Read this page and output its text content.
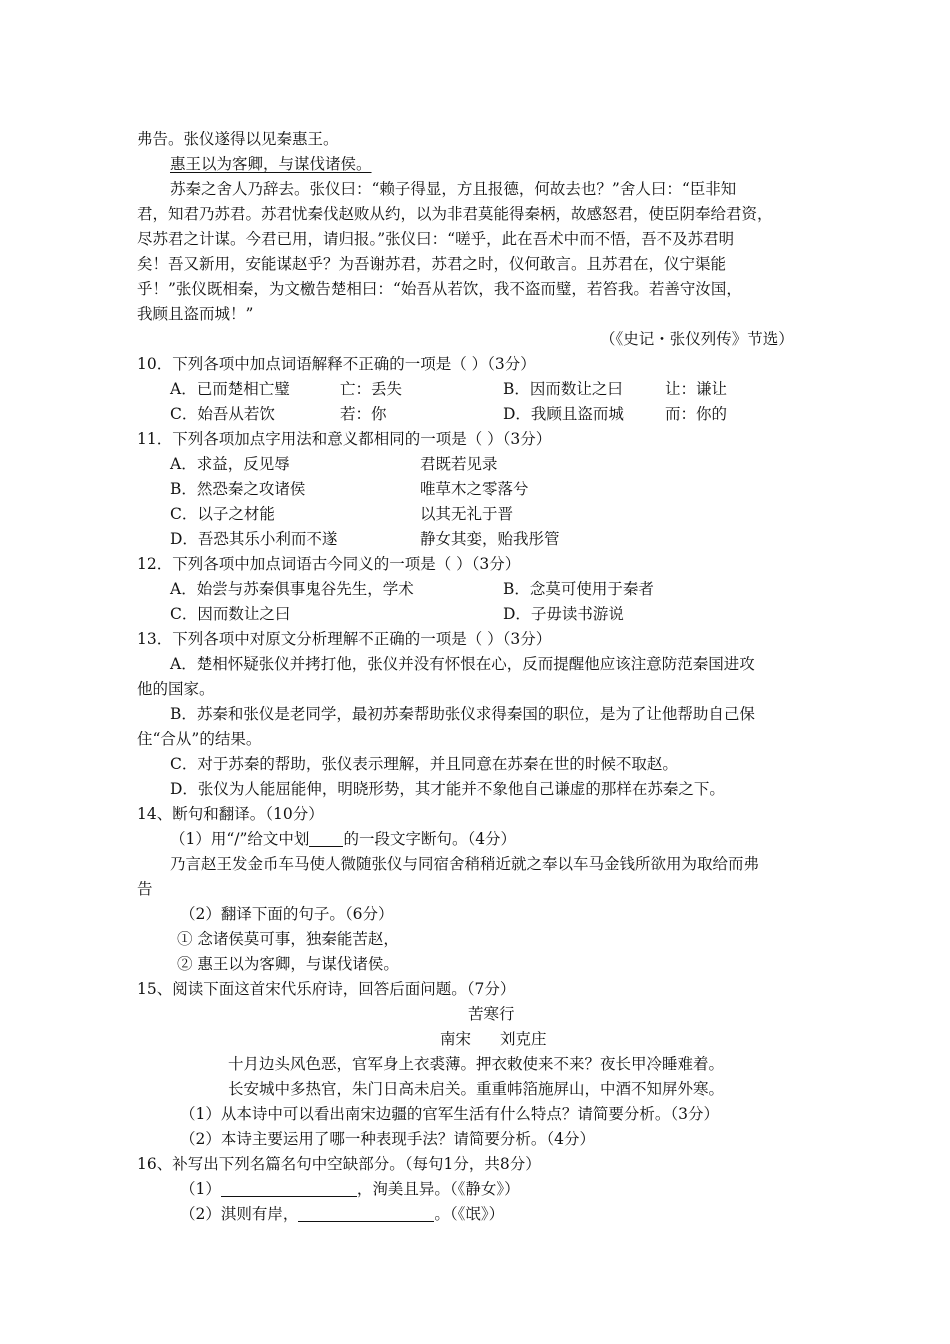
弗告。张仪遂得以见秦惠王。
惠王以为客卿，与谋伐诸侯。
苏秦之舍人乃辞去。张仪曰：“赖子得显，方且报德，何故去也？”舍人曰：“臣非知
君，知君乃苏君。苏君忧秦伐赵败从约，以为非君莫能得秦柄，故感怒君，使臣阴奉给君资，
尽苏君之计谋。今君已用，请归报。”张仪曰：“嗟乎，此在吾术中而不悟，吾不及苏君明
矣！吾又新用，安能谋赵乎？为吾谢苏君，苏君之时，仪何敢言。且苏君在，仪宁渠能
乎！”张仪既相秦，为文檄告楚相曰：“始吾从若饮，我不盗而璧，若笞我。若善守汝国，
我顾且盗而城！”
（《史记・张仪列传》节选）
10．下列各项中加点词语解释不正确的一项是（ ）（3分）
A．已而楚相亡璧	亡：丢失	B．因而数让之曰	让：谦让
C．始吾从若饮	若：你	D．我顾且盗而城	而：你的
11．下列各项加点字用法和意义都相同的一项是（ ）（3分）
A．求益，反见辱	君既若见录
B．然恐秦之攻诸侯	唯草木之零落兮
C．以子之材能	以其无礼于晋
D．吾恐其乐小利而不遂	静女其娈，贻我彤管
12．下列各项中加点词语古今同义的一项是（ ）（3分）
A．始尝与苏秦俱事鬼谷先生，学术	B．念莫可使用于秦者
C．因而数让之曰	D．子毋读书游说
13．下列各项中对原文分析理解不正确的一项是（ ）（3分）
A．楚相怀疑张仪并拷打他，张仪并没有怀恨在心，反而提醒他应该注意防范秦国进攻
他的国家。
B．苏秦和张仪是老同学，最初苏秦帮助张仪求得秦国的职位，是为了让他帮助自己保
住“合从”的结果。
C．对于苏秦的帮助，张仪表示理解，并且同意在苏秦在世的时候不取赵。
D．张仪为人能屈能伸，明晓形势，其才能并不象他自己谦虚的那样在苏秦之下。
14、断句和翻译。（10分）
（1）用“/”给文中划 的一段文字断句。（4分）
乃言赵王发金币车马使人微随张仪与同宿舍稍稍近就之奉以车马金钱所欲用为取给而弗
告
（2）翻译下面的句子。（6分）
① 念诸侯莫可事，独秦能苦赵，
② 惠王以为客卿，与谋伐诸侯。
15、阅读下面这首宋代乐府诗，回答后面问题。（7分）
苦寒行
南宋 刘克庄
十月边头风色恶，官军身上衣裘薄。押衣敕使来不来？夜长甲冷睡难着。
长安城中多热官，朱门日高未启关。重重帏箔施屏山，中酒不知屏外寒。
（1）从本诗中可以看出南宋边疆的官军生活有什么特点？请简要分析。（3分）
（2）本诗主要运用了哪一种表现手法？请简要分析。（4分）
16、补写出下列名篇名句中空缺部分。（每句1分，共8分）
（1）	，洵美且异。（《静女》）
（2）淇则有岸，	。（《氓》）
